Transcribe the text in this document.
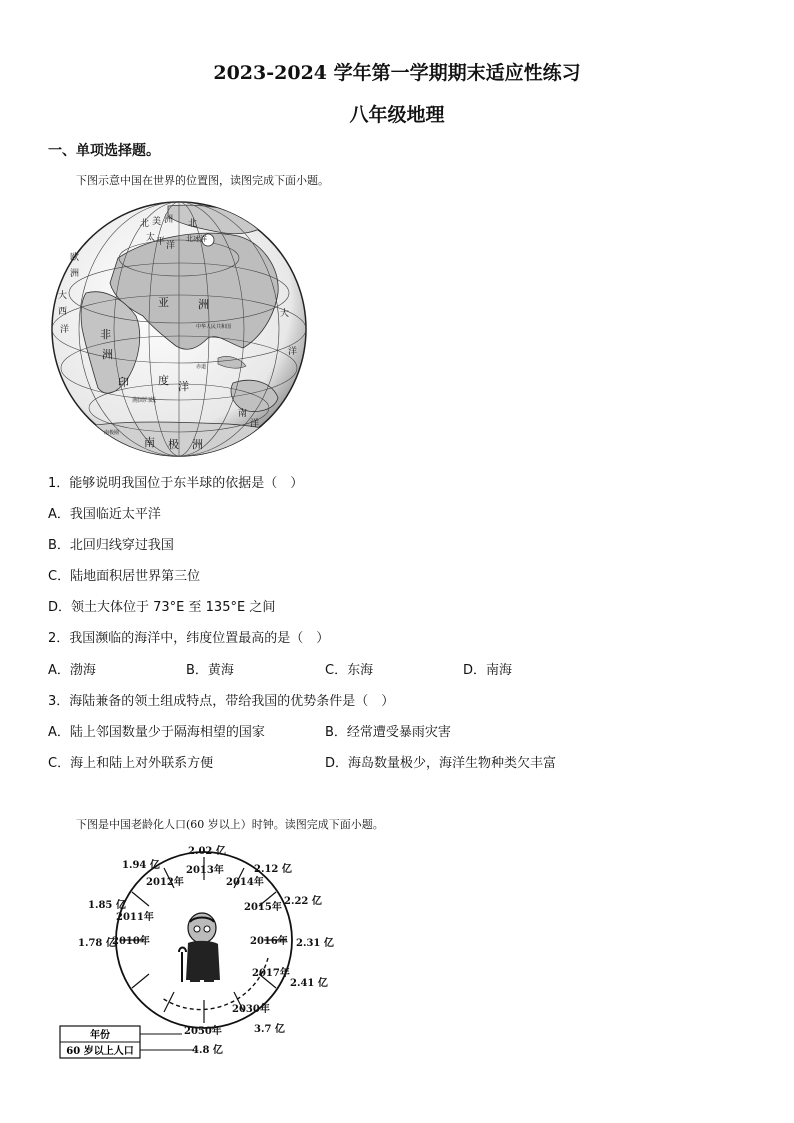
2023-2024 学年第一学期期末适应性练习
八年级地理
一、单项选择题。
下图示意中国在世界的位置图，读图完成下面小题。
北 美 洲
太 平 洋
北冰洋
北
欧
洲
大
西
洋
亚	洲
非
洲
中华人民共和国
赤道
大
洋
印	度 洋
南 极 洲
南回归线
南
南极圈
洋
1．能够说明我国位于东半球的依据是（　）
A．我国临近太平洋
B．北回归线穿过我国
C．陆地面积居世界第三位
D．领土大体位于 73°E 至 135°E 之间
2．我国濒临的海洋中，纬度位置最高的是（　）
A．渤海	B．黄海	C．东海	D．南海
3．海陆兼备的领土组成特点，带给我国的优势条件是（　）
A．陆上邻国数量少于隔海相望的国家	B．经常遭受暴雨灾害
C．海上和陆上对外联系方便	D．海岛数量极少，海洋生物种类欠丰富
下图是中国老龄化人口(60 岁以上）时钟。读图完成下面小题。
2010年
2011年
2012年
2013年
2014年
2015年
2016年
2017年
2030年
2050年
1.78 亿
1.85 亿
1.94 亿
2.02 亿
2.12 亿
2.22 亿
2.31 亿
2.41 亿
3.7 亿
4.8 亿
年份
60 岁以上人口
